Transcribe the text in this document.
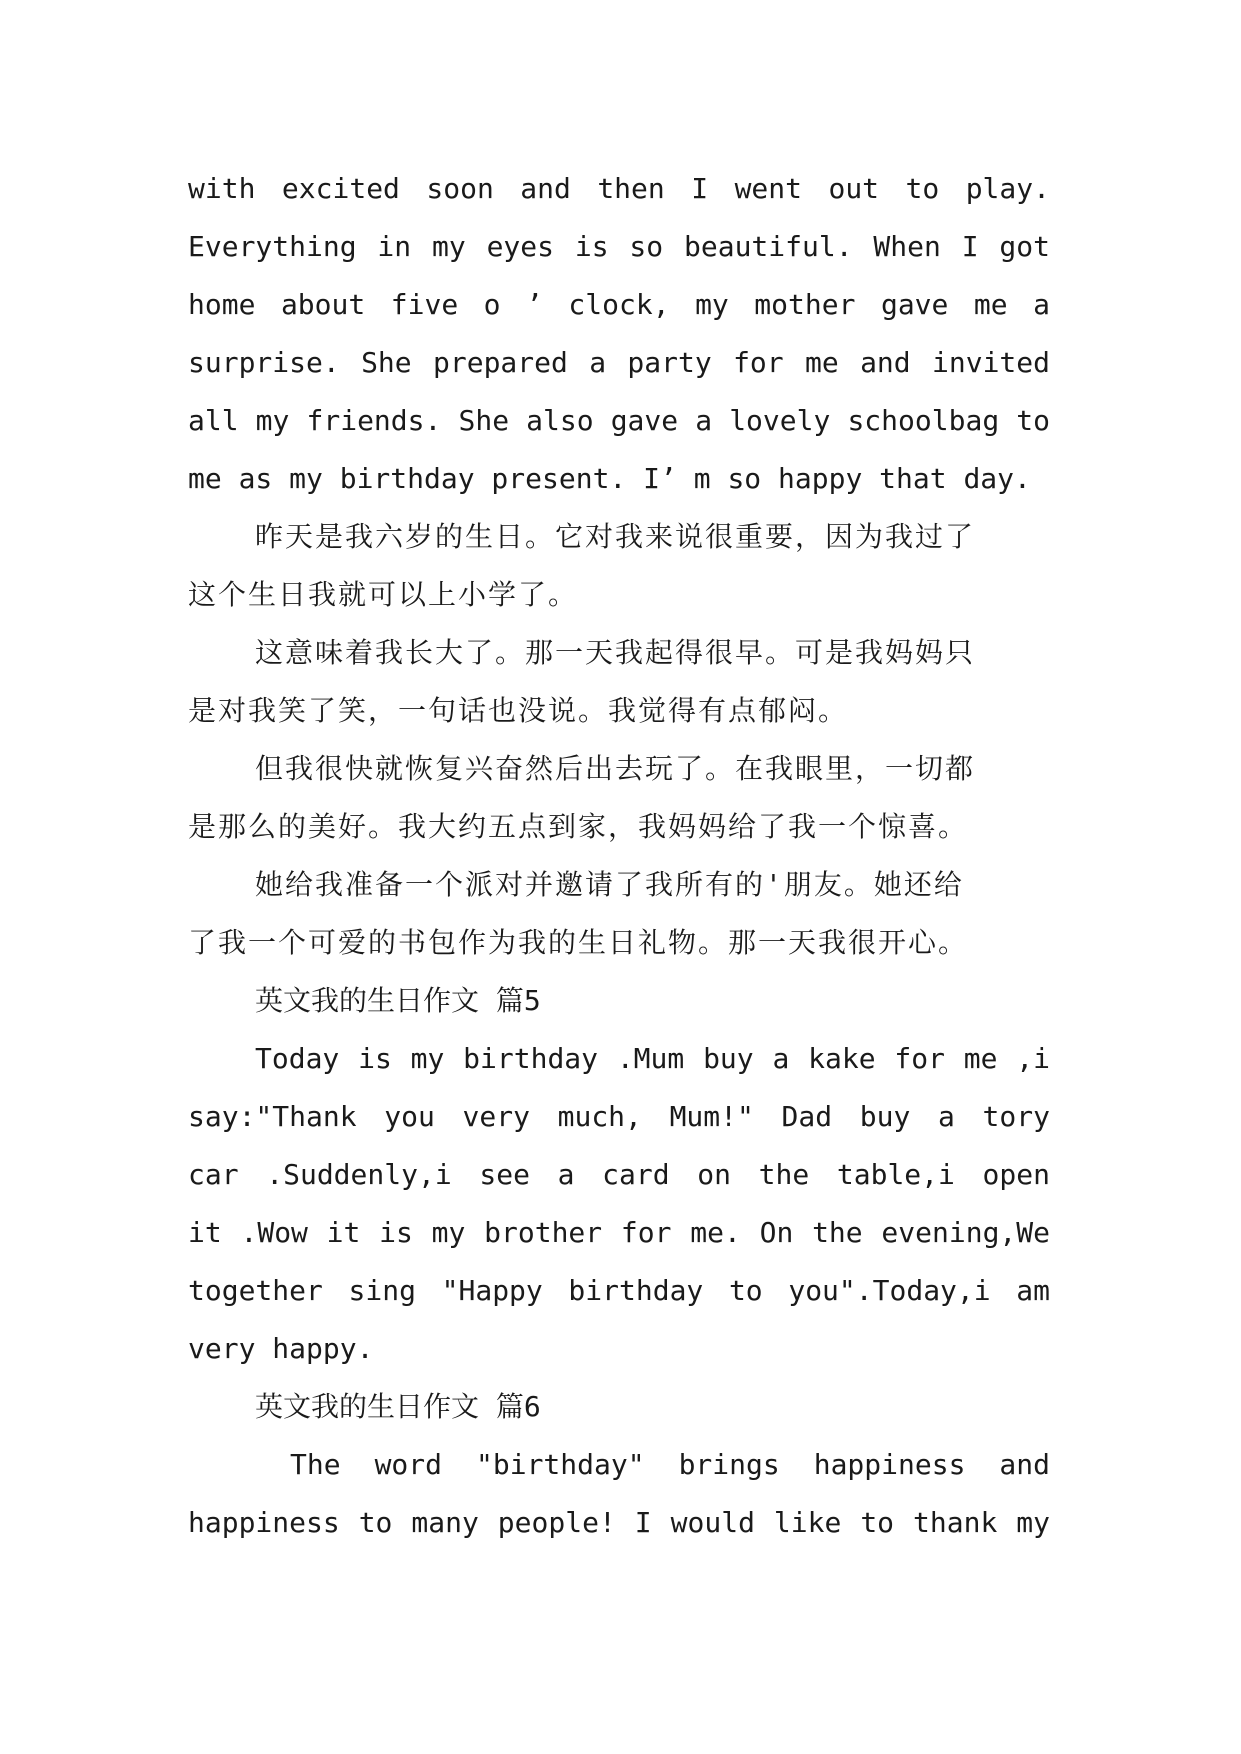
with excited soon and then I went out to play.
Everything in my eyes is so beautiful. When I got
home about five o ’ clock, my mother gave me a
surprise. She prepared a party for me and invited
all my friends. She also gave a lovely schoolbag to
me as my birthday present. I’ m so happy that day.
昨天是我六岁的生日。它对我来说很重要，因为我过了
这个生日我就可以上小学了。
这意味着我长大了。那一天我起得很早。可是我妈妈只
是对我笑了笑，一句话也没说。我觉得有点郁闷。
但我很快就恢复兴奋然后出去玩了。在我眼里，一切都
是那么的美好。我大约五点到家，我妈妈给了我一个惊喜。
她给我准备一个派对并邀请了我所有的'朋友。她还给
了我一个可爱的书包作为我的生日礼物。那一天我很开心。
英文我的生日作文 篇5
Today is my birthday .Mum buy a kake for me ,i
say:"Thank you very much, Mum!" Dad buy a tory
car .Suddenly,i see a card on the table,i open
it .Wow it is my brother for me. On the evening,We
together sing "Happy birthday to you".Today,i am
very happy.
英文我的生日作文 篇6
The word "birthday" brings happiness and
happiness to many people! I would like to thank my
